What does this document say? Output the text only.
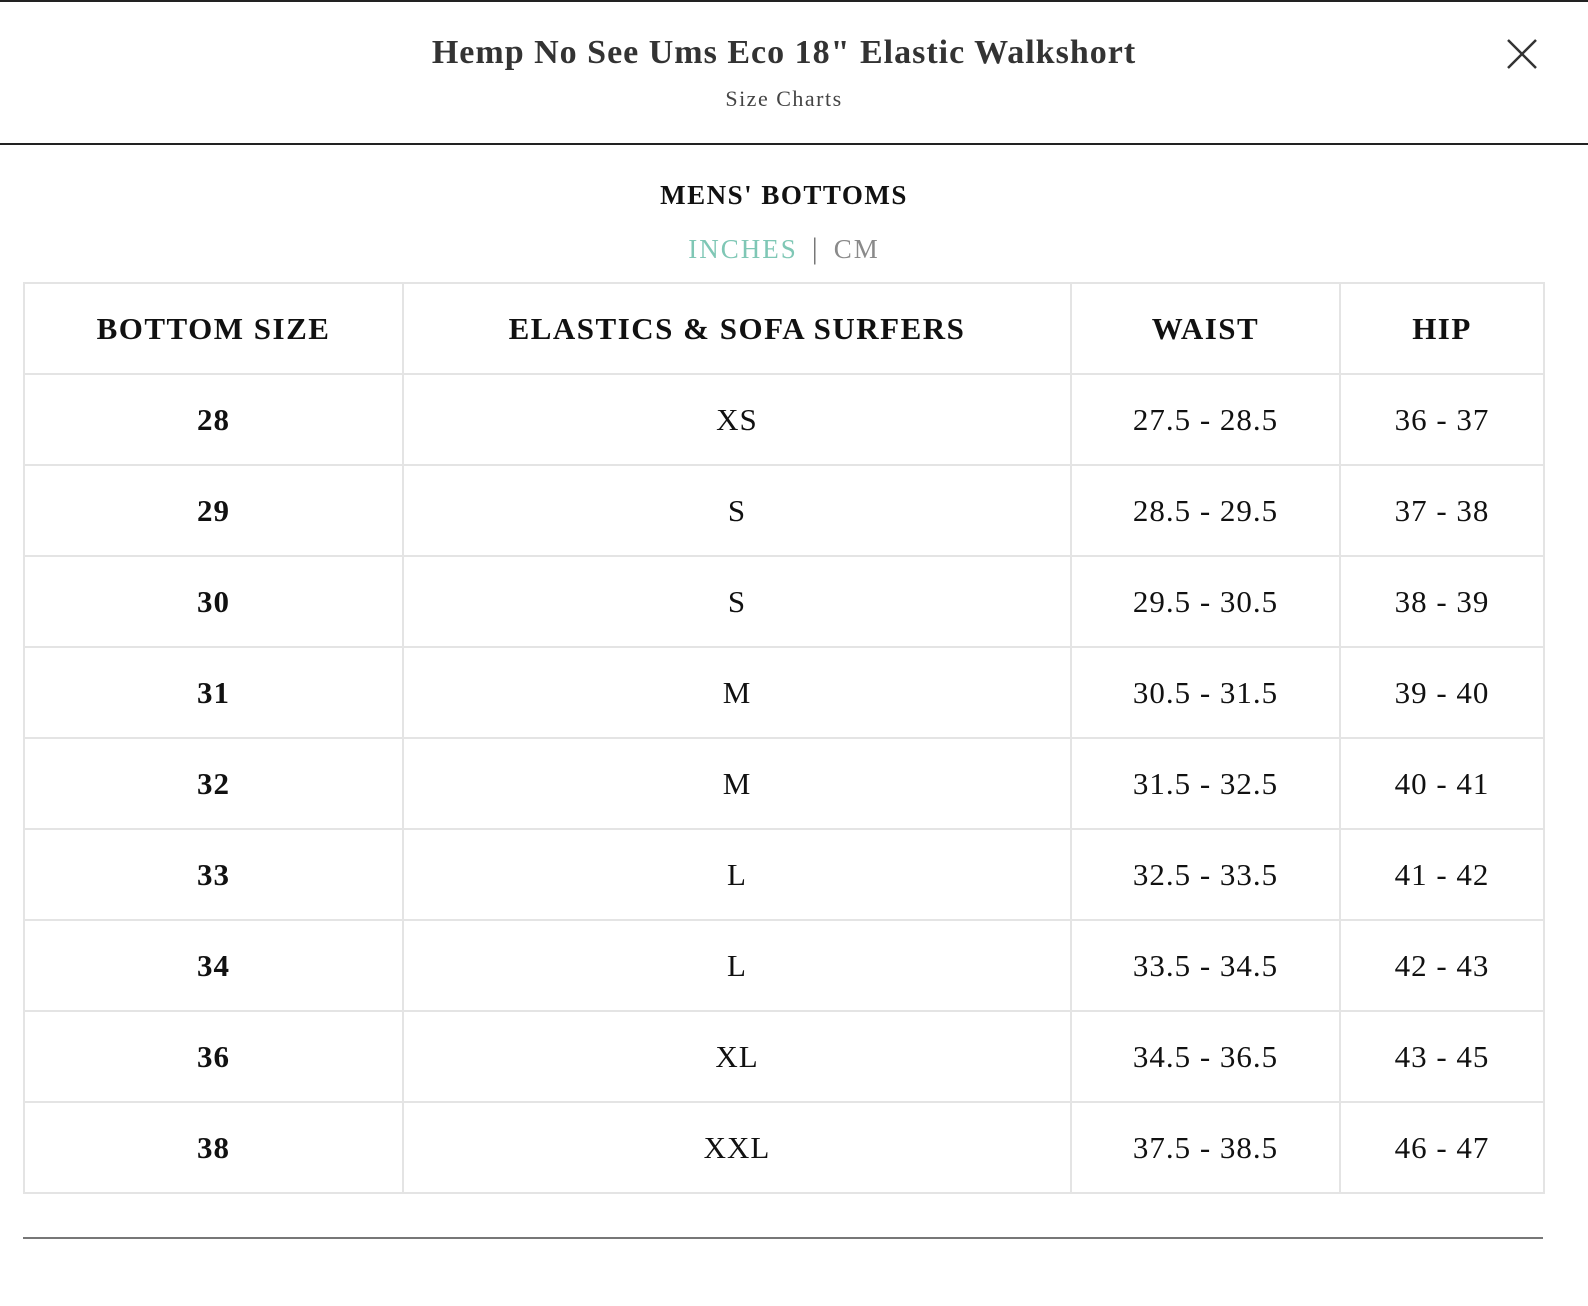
Hemp No See Ums Eco 18" Elastic Walkshort
Size Charts
MENS' BOTTOMS
INCHES | CM
BOTTOM SIZE	ELASTICS & SOFA SURFERS	WAIST	HIP
28	XS	27.5 - 28.5	36 - 37
29	S	28.5 - 29.5	37 - 38
30	S	29.5 - 30.5	38 - 39
31	M	30.5 - 31.5	39 - 40
32	M	31.5 - 32.5	40 - 41
33	L	32.5 - 33.5	41 - 42
34	L	33.5 - 34.5	42 - 43
36	XL	34.5 - 36.5	43 - 45
38	XXL	37.5 - 38.5	46 - 47
